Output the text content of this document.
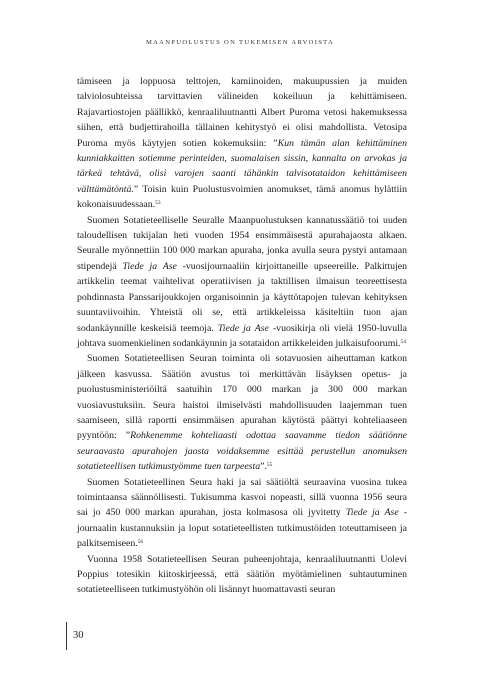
MAANPUOLUSTUS ON TUKEMISEN ARVOISTA

tämiseen ja loppuosa telttojen, kamiinoiden, makuupussien ja muiden talviolosuhteissa tarvittavien välineiden kokeiluun ja kehittämiseen. Rajavartiostojen päällikkö, kenraaliluutnantti Albert Puroma vetosi hakemuksessa siihen, että budjettirahoilla tällainen kehitystyö ei olisi mahdollista. Vetosipa Puroma myös käytyjen sotien kokemuksiin: ”Kun tämän alan kehittäminen kunniakkaitten sotiemme perinteiden, suomalaisen sissin, kannalta on arvokas ja tärkeä tehtävä, olisi varojen saanti tähänkin talvisotataidon kehittämiseen välttämätöntä.” Toisin kuin Puolustusvoimien anomukset, tämä anomus hylättiin kokonaisuudessaan.$^{53}$

Suomen Sotatieteelliselle Seuralle Maanpuolustuksen kannatussäätiö toi uuden taloudellisen tukijalan heti vuoden 1954 ensimmäisestä apurahajaosta alkaen. Seuralle myönnettiin 100 000 markan apuraha, jonka avulla seura pystyi antamaan stipendejä Tiede ja Ase -vuosijournaaliin kirjoittaneille upseereille. Palkittujen artikkelin teemat vaihtelivat operatiivisen ja taktillisen ilmaisun teoreettisesta pohdinnasta Panssarijoukkojen organisoinnin ja käyttötapojen tulevan kehityksen suuntaviivoihin. Yhteistä oli se, että artikkeleissa käsiteltiin tuon ajan sodankäynnille keskeisiä teemoja. Tiede ja Ase -vuosikirja oli vielä 1950-luvulla johtava suomenkielinen sodankäynnin ja sotataidon artikkeleiden julkaisufoorumi.$^{54}$

Suomen Sotatieteellisen Seuran toiminta oli sotavuosien aiheuttaman katkon jälkeen kasvussa. Säätiön avustus toi merkittävän lisäyksen opetus- ja puolustusministeriöiltä saatuihin 170 000 markan ja 300 000 markan vuosiavustuksiin. Seura haistoi ilmiselvästi mahdollisuuden laajemman tuen saamiseen, sillä raportti ensimmäisen apurahan käytöstä päättyi kohteliaaseen pyyntöön: ”Rohkenemme kohteliaasti odottaa saavamme tiedon säätiönne seuraavasta apurahojen jaosta voidaksemme esittää perustellun anomuksen sotatieteellisen tutkimustyömme tuen tarpeesta”.$^{55}$

Suomen Sotatieteellinen Seura haki ja sai säätiöltä seuraavina vuosina tukea toimintaansa säännöllisesti. Tukisumma kasvoi nopeasti, sillä vuonna 1956 seura sai jo 450 000 markan apurahan, josta kolmasosa oli jyvitetty Tiede ja Ase -journaalin kustannuksiin ja loput sotatieteellisten tutkimustöiden toteuttamiseen ja palkitsemiseen.$^{56}$

Vuonna 1958 Sotatieteellisen Seuran puheenjohtaja, kenraaliluutnantti Uolevi Poppius totesikin kiitoskirjeessä, että säätiön myötämielinen suhtautuminen sotatieteelliseen tutkimustyöhön oli lisännyt huomattavasti seuran

30
